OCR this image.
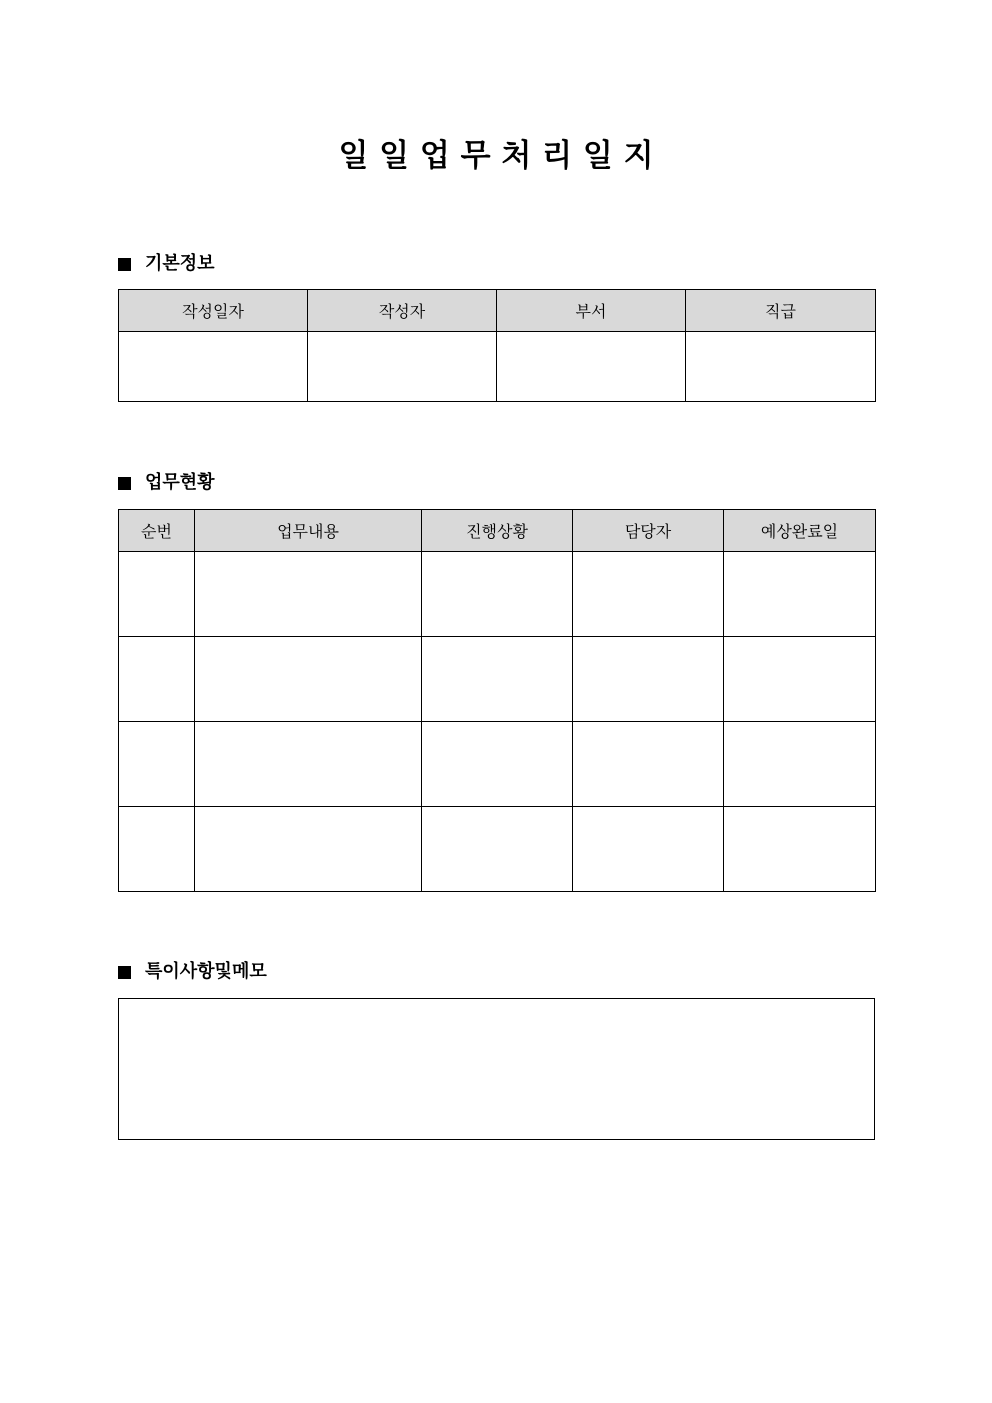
일 일 업 무 처 리 일 지
기본정보
작성일자	작성자	부서	직급

업무현황
순번	업무내용	진행상황	담당자	예상완료일

특이사항및메모
